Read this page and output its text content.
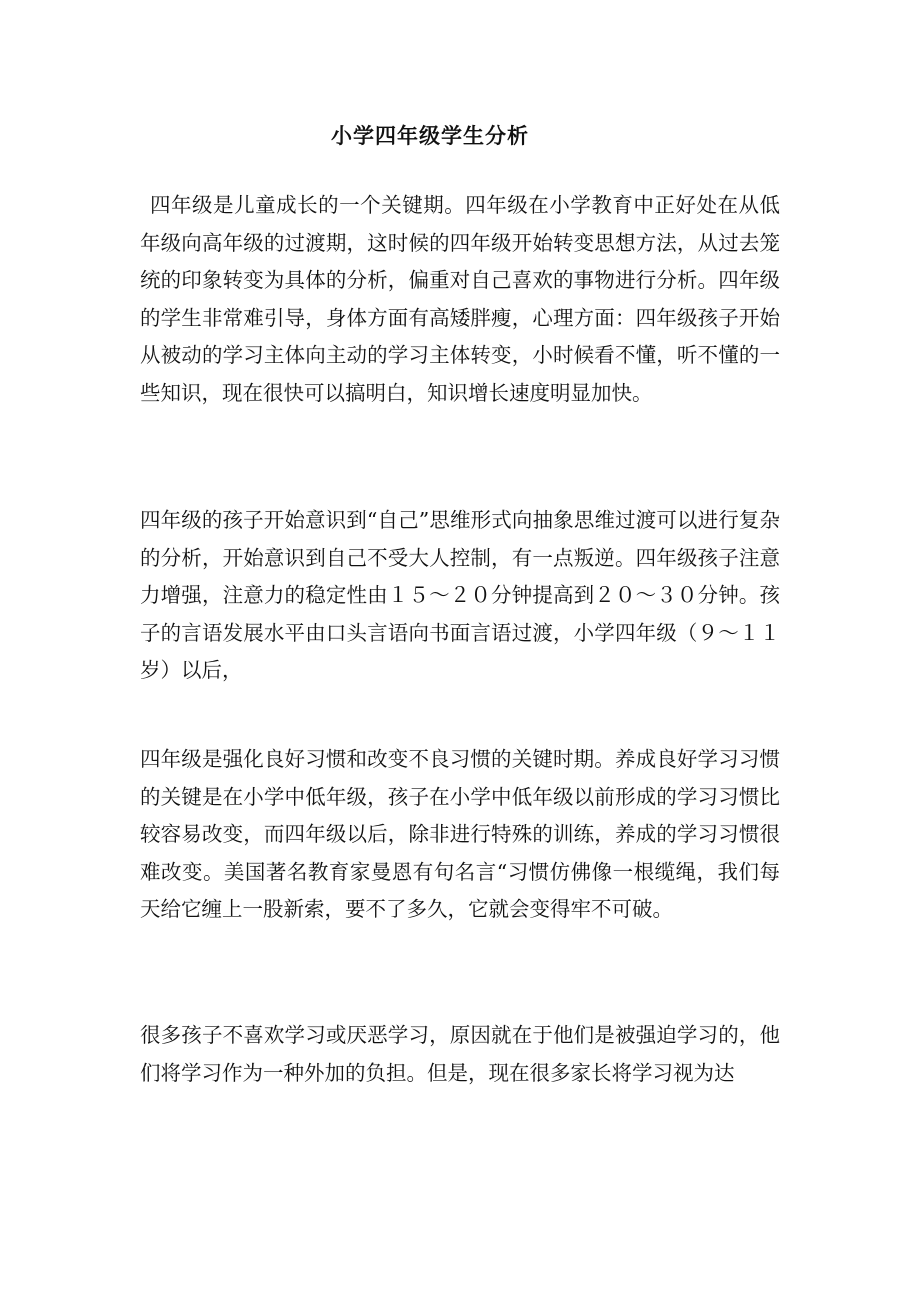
小学四年级学生分析

四年级是儿童成长的一个关键期。四年级在小学教育中正好处在从低年级向高年级的过渡期，这时候的四年级开始转变思想方法，从过去笼统的印象转变为具体的分析，偏重对自己喜欢的事物进行分析。四年级的学生非常难引导，身体方面有高矮胖瘦，心理方面：四年级孩子开始从被动的学习主体向主动的学习主体转变，小时候看不懂，听不懂的一些知识，现在很快可以搞明白，知识增长速度明显加快。

四年级的孩子开始意识到“自己”思维形式向抽象思维过渡可以进行复杂的分析，开始意识到自己不受大人控制，有一点叛逆。四年级孩子注意力增强，注意力的稳定性由１５～２０分钟提高到２０～３０分钟。孩子的言语发展水平由口头言语向书面言语过渡，小学四年级（９～１１岁）以后，

四年级是强化良好习惯和改变不良习惯的关键时期。养成良好学习习惯的关键是在小学中低年级，孩子在小学中低年级以前形成的学习习惯比较容易改变，而四年级以后，除非进行特殊的训练，养成的学习习惯很难改变。美国著名教育家曼恩有句名言“习惯仿佛像一根缆绳，我们每天给它缠上一股新索，要不了多久，它就会变得牢不可破。

很多孩子不喜欢学习或厌恶学习，原因就在于他们是被强迫学习的，他们将学习作为一种外加的负担。但是，现在很多家长将学习视为达
